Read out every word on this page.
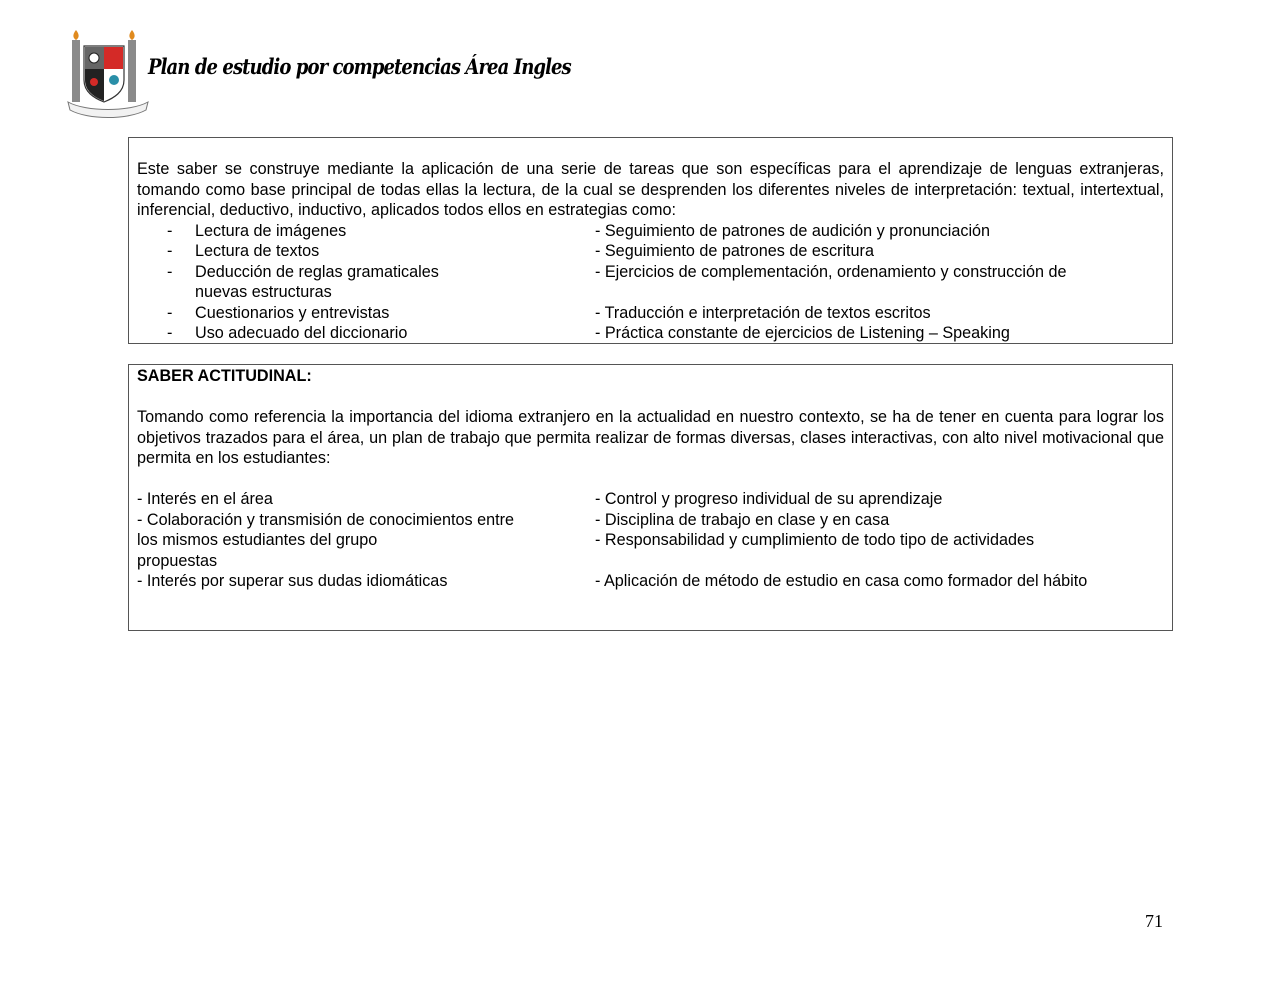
Plan de estudio por competencias Área Ingles

Este saber se construye mediante la aplicación de una serie de tareas que son específicas para el aprendizaje de lenguas extranjeras, tomando como base principal de todas ellas la lectura, de la cual se desprenden los diferentes niveles de interpretación: textual, intertextual, inferencial, deductivo, inductivo, aplicados todos ellos en estrategias como:

-	Lectura de imágenes	- Seguimiento de patrones de audición y pronunciación
-	Lectura de textos	- Seguimiento de patrones de escritura
-	Deducción de reglas gramaticales	- Ejercicios de complementación, ordenamiento y construcción de
nuevas estructuras
-	Cuestionarios y entrevistas	- Traducción e interpretación de textos escritos
-	Uso adecuado del diccionario	- Práctica constante de ejercicios de Listening – Speaking

SABER ACTITUDINAL:

Tomando como referencia la importancia del idioma extranjero en la actualidad en nuestro contexto, se ha de tener en cuenta para lograr los objetivos trazados para el área, un plan de trabajo que permita realizar de formas diversas, clases interactivas, con alto nivel motivacional que permita en los estudiantes:

- Interés en el área	- Control y progreso individual de su aprendizaje
- Colaboración y transmisión de conocimientos entre	- Disciplina de trabajo en clase y en casa
los mismos estudiantes del grupo	- Responsabilidad y cumplimiento de todo tipo de actividades
propuestas
- Interés por superar sus dudas idiomáticas	- Aplicación de método de estudio en casa como formador del hábito
71
